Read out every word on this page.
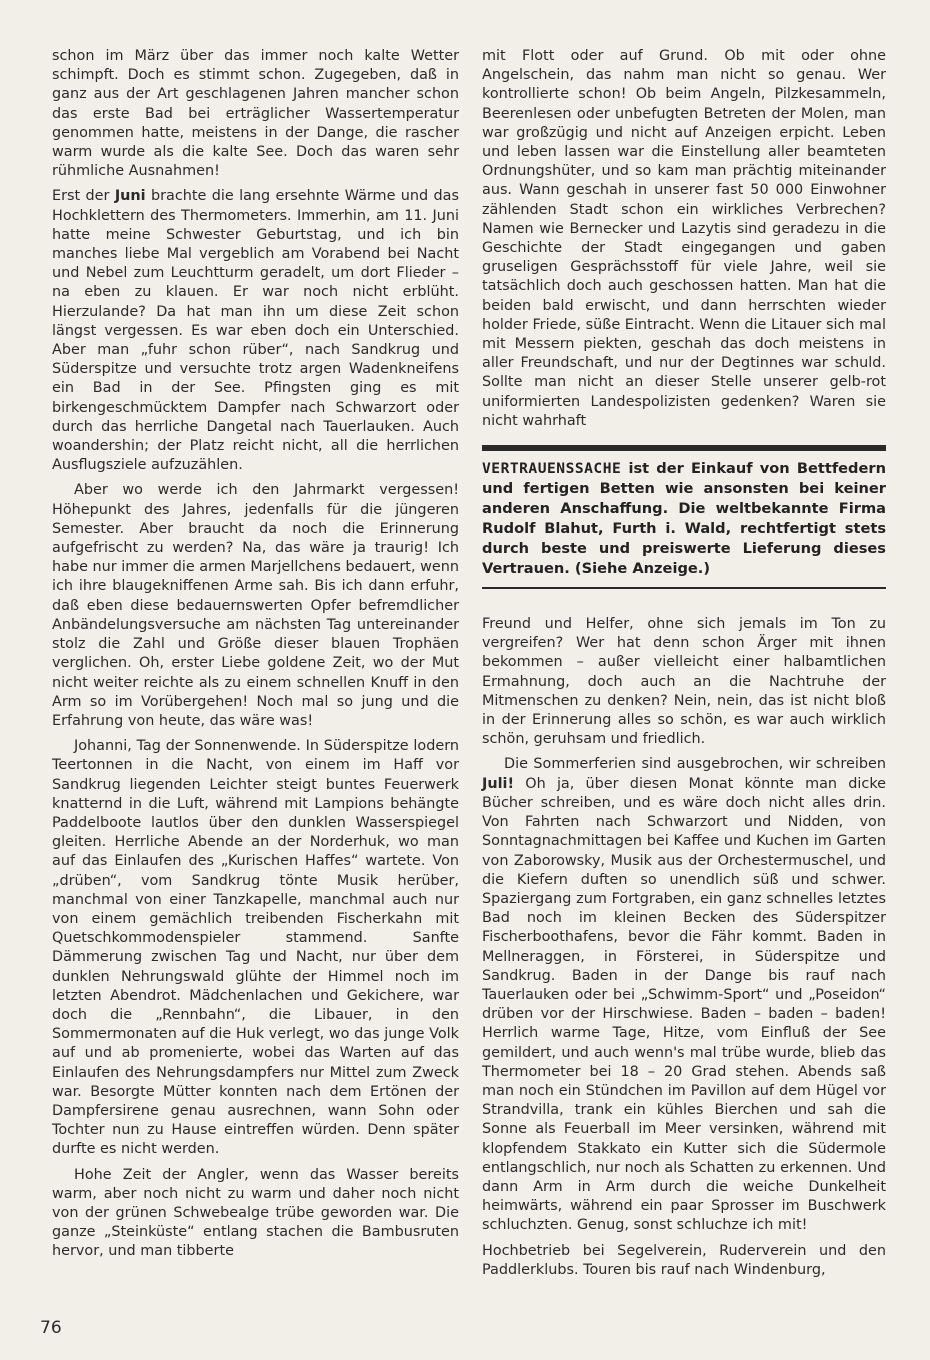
schon im März über das immer noch kalte Wetter schimpft. Doch es stimmt schon. Zugegeben, daß in ganz aus der Art geschlagenen Jahren mancher schon das erste Bad bei erträglicher Wassertemperatur genommen hatte, meistens in der Dange, die rascher warm wurde als die kalte See. Doch das waren sehr rühmliche Ausnahmen!

Erst der Juni brachte die lang ersehnte Wärme und das Hochklettern des Thermometers. Immerhin, am 11. Juni hatte meine Schwester Geburtstag, und ich bin manches liebe Mal vergeblich am Vorabend bei Nacht und Nebel zum Leuchtturm geradelt, um dort Flieder – na eben zu klauen. Er war noch nicht erblüht. Hierzulande? Da hat man ihn um diese Zeit schon längst vergessen. Es war eben doch ein Unterschied. Aber man „fuhr schon rüber“, nach Sandkrug und Süderspitze und versuchte trotz argen Wadenkneifens ein Bad in der See. Pfingsten ging es mit birkengeschmücktem Dampfer nach Schwarzort oder durch das herrliche Dangetal nach Tauerlauken. Auch woandershin; der Platz reicht nicht, all die herrlichen Ausflugsziele aufzuzählen.

Aber wo werde ich den Jahrmarkt vergessen! Höhepunkt des Jahres, jedenfalls für die jüngeren Semester. Aber braucht da noch die Erinnerung aufgefrischt zu werden? Na, das wäre ja traurig! Ich habe nur immer die armen Marjellchens bedauert, wenn ich ihre blaugekniffenen Arme sah. Bis ich dann erfuhr, daß eben diese bedauernswerten Opfer befremdlicher Anbändelungsversuche am nächsten Tag untereinander stolz die Zahl und Größe dieser blauen Trophäen verglichen. Oh, erster Liebe goldene Zeit, wo der Mut nicht weiter reichte als zu einem schnellen Knuff in den Arm so im Vorübergehen! Noch mal so jung und die Erfahrung von heute, das wäre was!

Johanni, Tag der Sonnenwende. In Süderspitze lodern Teertonnen in die Nacht, von einem im Haff vor Sandkrug liegenden Leichter steigt buntes Feuerwerk knatternd in die Luft, während mit Lampions behängte Paddelboote lautlos über den dunklen Wasserspiegel gleiten. Herrliche Abende an der Norderhuk, wo man auf das Einlaufen des „Kurischen Haffes“ wartete. Von „drüben“, vom Sandkrug tönte Musik herüber, manchmal von einer Tanzkapelle, manchmal auch nur von einem gemächlich treibenden Fischerkahn mit Quetschkommodenspieler stammend. Sanfte Dämmerung zwischen Tag und Nacht, nur über dem dunklen Nehrungswald glühte der Himmel noch im letzten Abendrot. Mädchenlachen und Gekichere, war doch die „Rennbahn“, die Libauer, in den Sommermonaten auf die Huk verlegt, wo das junge Volk auf und ab promenierte, wobei das Warten auf das Einlaufen des Nehrungsdampfers nur Mittel zum Zweck war. Besorgte Mütter konnten nach dem Ertönen der Dampfersirene genau ausrechnen, wann Sohn oder Tochter nun zu Hause eintreffen würden. Denn später durfte es nicht werden.

Hohe Zeit der Angler, wenn das Wasser bereits warm, aber noch nicht zu warm und daher noch nicht von der grünen Schwebealge trübe geworden war. Die ganze „Steinküste“ entlang stachen die Bambusruten hervor, und man tibberte

mit Flott oder auf Grund. Ob mit oder ohne Angelschein, das nahm man nicht so genau. Wer kontrollierte schon! Ob beim Angeln, Pilzkesammeln, Beerenlesen oder unbefugten Betreten der Molen, man war großzügig und nicht auf Anzeigen erpicht. Leben und leben lassen war die Einstellung aller beamteten Ordnungshüter, und so kam man prächtig miteinander aus. Wann geschah in unserer fast 50 000 Einwohner zählenden Stadt schon ein wirkliches Verbrechen? Namen wie Bernecker und Lazytis sind geradezu in die Geschichte der Stadt eingegangen und gaben gruseligen Gesprächsstoff für viele Jahre, weil sie tatsächlich doch auch geschossen hatten. Man hat die beiden bald erwischt, und dann herrschten wieder holder Friede, süße Eintracht. Wenn die Litauer sich mal mit Messern piekten, geschah das doch meistens in aller Freundschaft, und nur der Degtinnes war schuld. Sollte man nicht an dieser Stelle unserer gelb-rot uniformierten Landespolizisten gedenken? Waren sie nicht wahrhaft

VERTRAUENSSACHE ist der Einkauf von Bettfedern und fertigen Betten wie ansonsten bei keiner anderen Anschaffung. Die weltbekannte Firma Rudolf Blahut, Furth i. Wald, rechtfertigt stets durch beste und preiswerte Lieferung dieses Vertrauen. (Siehe Anzeige.)

Freund und Helfer, ohne sich jemals im Ton zu vergreifen? Wer hat denn schon Ärger mit ihnen bekommen – außer vielleicht einer halbamtlichen Ermahnung, doch auch an die Nachtruhe der Mitmenschen zu denken? Nein, nein, das ist nicht bloß in der Erinnerung alles so schön, es war auch wirklich schön, geruhsam und friedlich.

Die Sommerferien sind ausgebrochen, wir schreiben Juli! Oh ja, über diesen Monat könnte man dicke Bücher schreiben, und es wäre doch nicht alles drin. Von Fahrten nach Schwarzort und Nidden, von Sonntagnachmittagen bei Kaffee und Kuchen im Garten von Zaborowsky, Musik aus der Orchestermuschel, und die Kiefern duften so unendlich süß und schwer. Spaziergang zum Fortgraben, ein ganz schnelles letztes Bad noch im kleinen Becken des Süderspitzer Fischerboothafens, bevor die Fähr kommt. Baden in Mellneraggen, in Försterei, in Süderspitze und Sandkrug. Baden in der Dange bis rauf nach Tauerlauken oder bei „Schwimm-Sport“ und „Poseidon“ drüben vor der Hirschwiese. Baden – baden – baden! Herrlich warme Tage, Hitze, vom Einfluß der See gemildert, und auch wenn's mal trübe wurde, blieb das Thermometer bei 18 – 20 Grad stehen. Abends saß man noch ein Stündchen im Pavillon auf dem Hügel vor Strandvilla, trank ein kühles Bierchen und sah die Sonne als Feuerball im Meer versinken, während mit klopfendem Stakkato ein Kutter sich die Südermole entlangschlich, nur noch als Schatten zu erkennen. Und dann Arm in Arm durch die weiche Dunkelheit heimwärts, während ein paar Sprosser im Buschwerk schluchzten. Genug, sonst schluchze ich mit!

Hochbetrieb bei Segelverein, Ruderverein und den Paddlerklubs. Touren bis rauf nach Windenburg,

76
